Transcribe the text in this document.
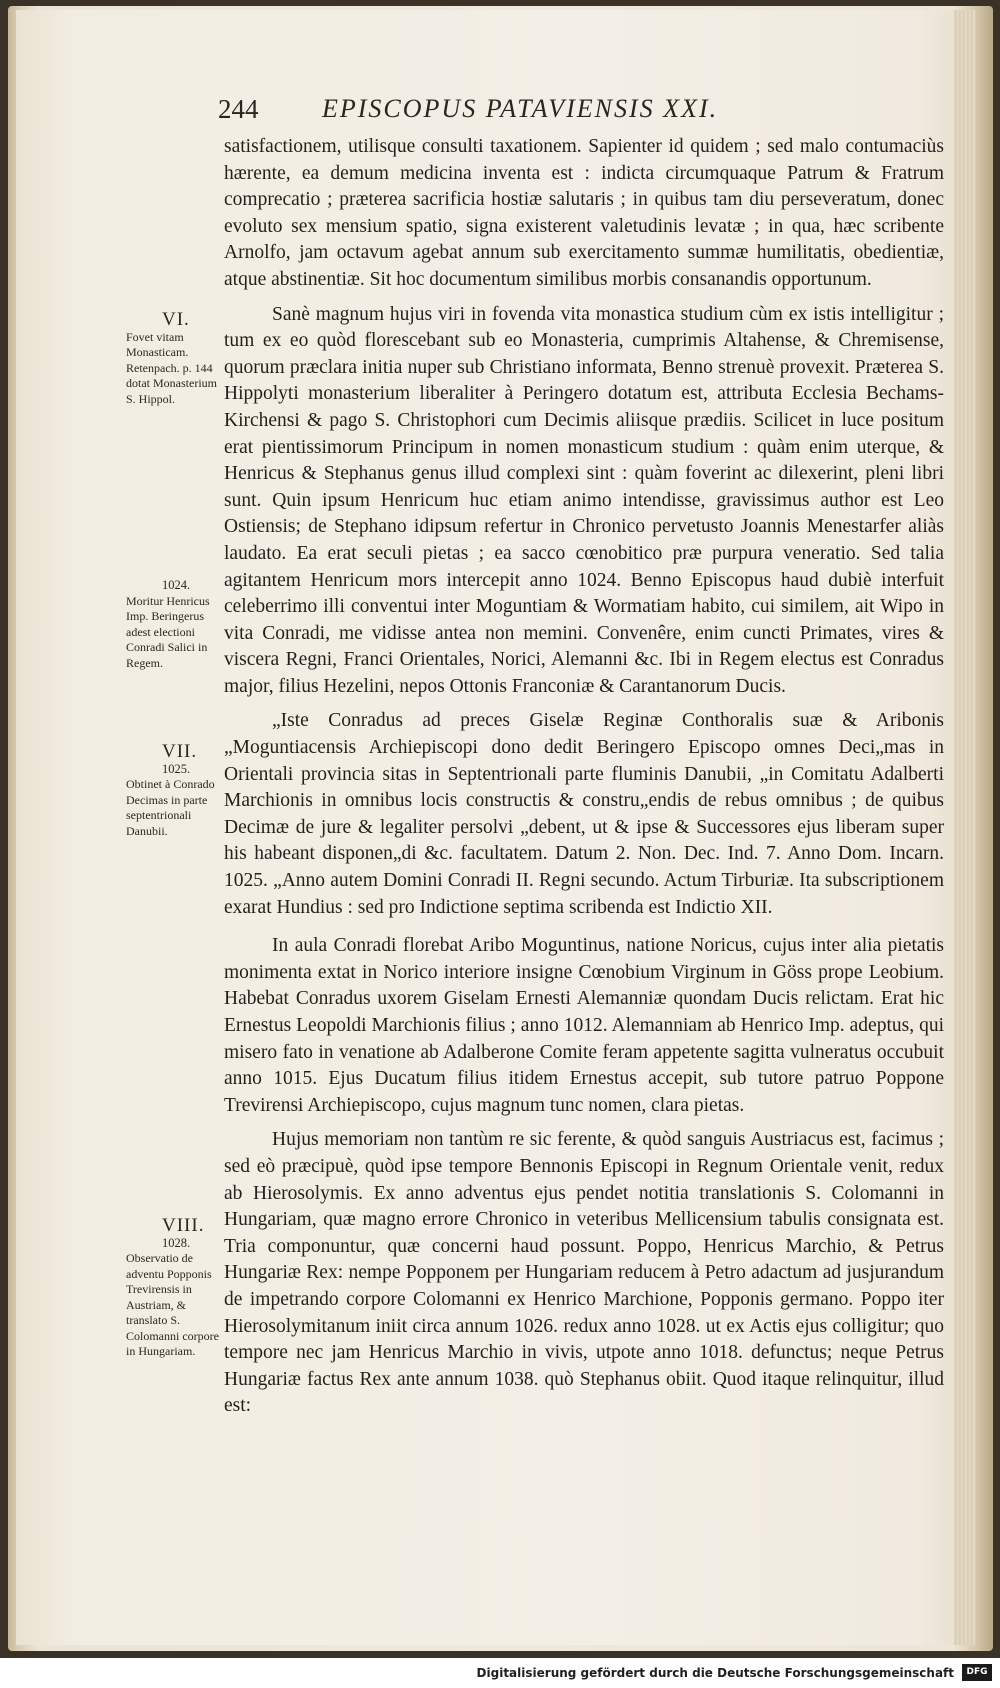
244 EPISCOPUS PATAVIENSIS XXI.

satisfactionem, utilisque consulti taxationem. Sapienter id quidem ; sed malo contumaciùs hærente, ea demum medicina inventa est : indicta circumquaque Patrum & Fratrum comprecatio ; præterea sacrificia hostiæ salutaris ; in quibus tam diu perseveratum, donec evoluto sex mensium spatio, signa existerent valetudinis levatæ ; in qua, hæc scribente Arnolfo, jam octavum agebat annum sub exercitamento summæ humilitatis, obedientiæ, atque abstinentiæ. Sit hoc documentum similibus morbis consanandis opportunum.

Sanè magnum hujus viri in fovenda vita monastica studium cùm ex istis intelligitur ; tum ex eo quòd florescebant sub eo Monasteria, cumprimis Altahense, & Chremisense, quorum præclara initia nuper sub Christiano informata, Benno strenuè provexit. Præterea S. Hippolyti monasterium liberaliter à Peringero dotatum est, attributa Ecclesia Bechams-Kirchensi & pago S. Christophori cum Decimis aliisque prædiis. Scilicet in luce positum erat pientissimorum Principum in nomen monasticum studium : quàm enim uterque, & Henricus & Stephanus genus illud complexi sint : quàm foverint ac dilexerint, pleni libri sunt. Quin ipsum Henricum huc etiam animo intendisse, gravissimus author est Leo Ostiensis; de Stephano idipsum refertur in Chronico pervetusto Joannis Menestarfer aliàs laudato. Ea erat seculi pietas ; ea sacco cœnobitico præ purpura veneratio. Sed talia agitantem Henricum mors intercepit anno 1024. Benno Episcopus haud dubiè interfuit celeberrimo illi conventui inter Moguntiam & Wormatiam habito, cui similem, ait Wipo in vita Conradi, me vidisse antea non memini. Convenêre, enim cuncti Primates, vires & viscera Regni, Franci Orientales, Norici, Alemanni &c. Ibi in Regem electus est Conradus major, filius Hezelini, nepos Ottonis Franconiæ & Carantanorum Ducis.

„Iste Conradus ad preces Giselæ Reginæ Conthoralis suæ & Aribonis „Moguntiacensis Archiepiscopi dono dedit Beringero Episcopo omnes Deci„mas in Orientali provincia sitas in Septentrionali parte fluminis Danubii, „in Comitatu Adalberti Marchionis in omnibus locis constructis & constru„endis de rebus omnibus ; de quibus Decimæ de jure & legaliter persolvi „debent, ut & ipse & Successores ejus liberam super his habeant disponen„di &c. facultatem. Datum 2. Non. Dec. Ind. 7. Anno Dom. Incarn. 1025. „Anno autem Domini Conradi II. Regni secundo. Actum Tirburiæ. Ita subscriptionem exarat Hundius : sed pro Indictione septima scribenda est Indictio XII.

In aula Conradi florebat Aribo Moguntinus, natione Noricus, cujus inter alia pietatis monimenta extat in Norico interiore insigne Cœnobium Virginum in Göss prope Leobium. Habebat Conradus uxorem Giselam Ernesti Alemanniæ quondam Ducis relictam. Erat hic Ernestus Leopoldi Marchionis filius ; anno 1012. Alemanniam ab Henrico Imp. adeptus, qui misero fato in venatione ab Adalberone Comite feram appetente sagitta vulneratus occubuit anno 1015. Ejus Ducatum filius itidem Ernestus accepit, sub tutore patruo Poppone Trevirensi Archiepiscopo, cujus magnum tunc nomen, clara pietas.

Hujus memoriam non tantùm re sic ferente, & quòd sanguis Austriacus est, facimus ; sed eò præcipuè, quòd ipse tempore Bennonis Episcopi in Regnum Orientale venit, redux ab Hierosolymis. Ex anno adventus ejus pendet notitia translationis S. Colomanni in Hungariam, quæ magno errore Chronico in veteribus Mellicensium tabulis consignata est. Tria componuntur, quæ concerni haud possunt. Poppo, Henricus Marchio, & Petrus Hungariæ Rex: nempe Popponem per Hungariam reducem à Petro adactum ad jusjurandum de impetrando corpore Colomanni ex Henrico Marchione, Popponis germano. Poppo iter Hierosolymitanum iniit circa annum 1026. redux anno 1028. ut ex Actis ejus colligitur; quo tempore nec jam Henricus Marchio in vivis, utpote anno 1018. defunctus; neque Petrus Hungariæ factus Rex ante annum 1038. quò Stephanus obiit. Quod itaque relinquitur, illud est:

VI.
Fovet vitam Monasticam. Retenpach. p. 144 dotat Monasterium S. Hippol.
1024.
Moritur Henricus Imp. Beringerus adest electioni Conradi Salici in Regem.
VII.
1025.
Obtinet à Conrado Decimas in parte septentrionali Danubii.
VIII.
1028.
Observatio de adventu Popponis Trevirensis in Austriam, & translato S. Colomanni corpore in Hungariam.
Digitalisierung gefördert durch die Deutsche Forschungsgemeinschaft	DFG
